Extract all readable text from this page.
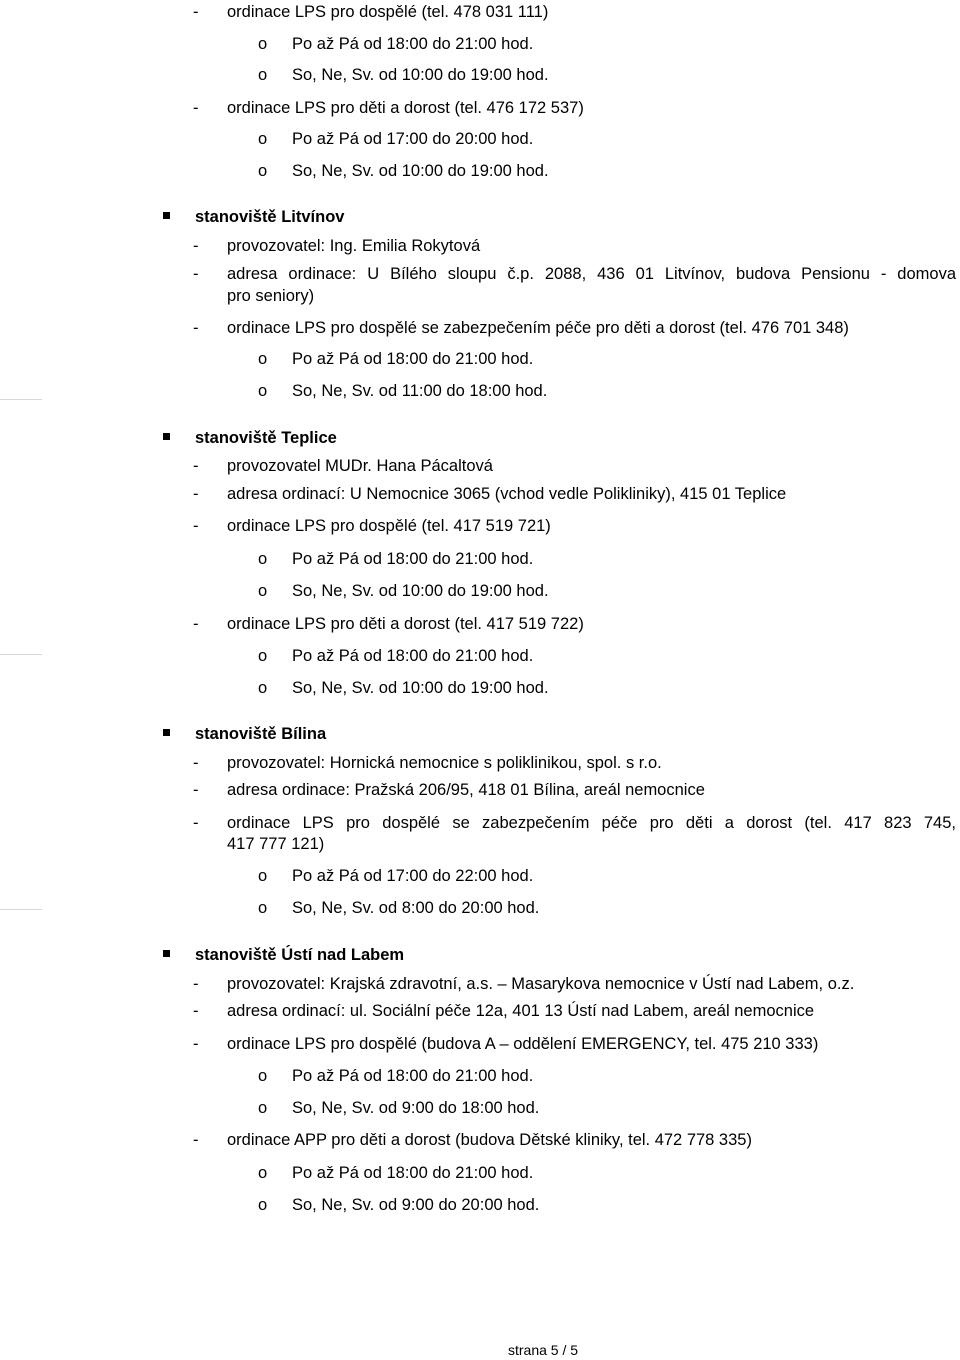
- ordinace LPS pro dospělé (tel. 478 031 111)
o Po až Pá od 18:00 do 21:00 hod.
o So, Ne, Sv. od 10:00 do 19:00 hod.
- ordinace LPS pro děti a dorost (tel. 476 172 537)
o Po až Pá od 17:00 do 20:00 hod.
o So, Ne, Sv. od 10:00 do 19:00 hod.
stanoviště Litvínov
- provozovatel: Ing. Emilia Rokytová
- adresa ordinace: U Bílého sloupu č.p. 2088, 436 01 Litvínov, budova Pensionu - domova
pro seniory)
- ordinace LPS pro dospělé se zabezpečením péče pro děti a dorost (tel. 476 701 348)
o Po až Pá od 18:00 do 21:00 hod.
o So, Ne, Sv. od 11:00 do 18:00 hod.
stanoviště Teplice
- provozovatel MUDr. Hana Pácaltová
- adresa ordinací: U Nemocnice 3065 (vchod vedle Polikliniky), 415 01 Teplice
- ordinace LPS pro dospělé (tel. 417 519 721)
o Po až Pá od 18:00 do 21:00 hod.
o So, Ne, Sv. od 10:00 do 19:00 hod.
- ordinace LPS pro děti a dorost (tel. 417 519 722)
o Po až Pá od 18:00 do 21:00 hod.
o So, Ne, Sv. od 10:00 do 19:00 hod.
stanoviště Bílina
- provozovatel: Hornická nemocnice s poliklinikou, spol. s r.o.
- adresa ordinace: Pražská 206/95, 418 01 Bílina, areál nemocnice
- ordinace LPS pro dospělé se zabezpečením péče pro děti a dorost (tel. 417 823 745,
417 777 121)
o Po až Pá od 17:00 do 22:00 hod.
o So, Ne, Sv. od 8:00 do 20:00 hod.
stanoviště Ústí nad Labem
- provozovatel: Krajská zdravotní, a.s. – Masarykova nemocnice v Ústí nad Labem, o.z.
- adresa ordinací: ul. Sociální péče 12a, 401 13 Ústí nad Labem, areál nemocnice
- ordinace LPS pro dospělé (budova A – oddělení EMERGENCY, tel. 475 210 333)
o Po až Pá od 18:00 do 21:00 hod.
o So, Ne, Sv. od 9:00 do 18:00 hod.
- ordinace APP pro děti a dorost (budova Dětské kliniky, tel. 472 778 335)
o Po až Pá od 18:00 do 21:00 hod.
o So, Ne, Sv. od 9:00 do 20:00 hod.
strana 5 / 5
